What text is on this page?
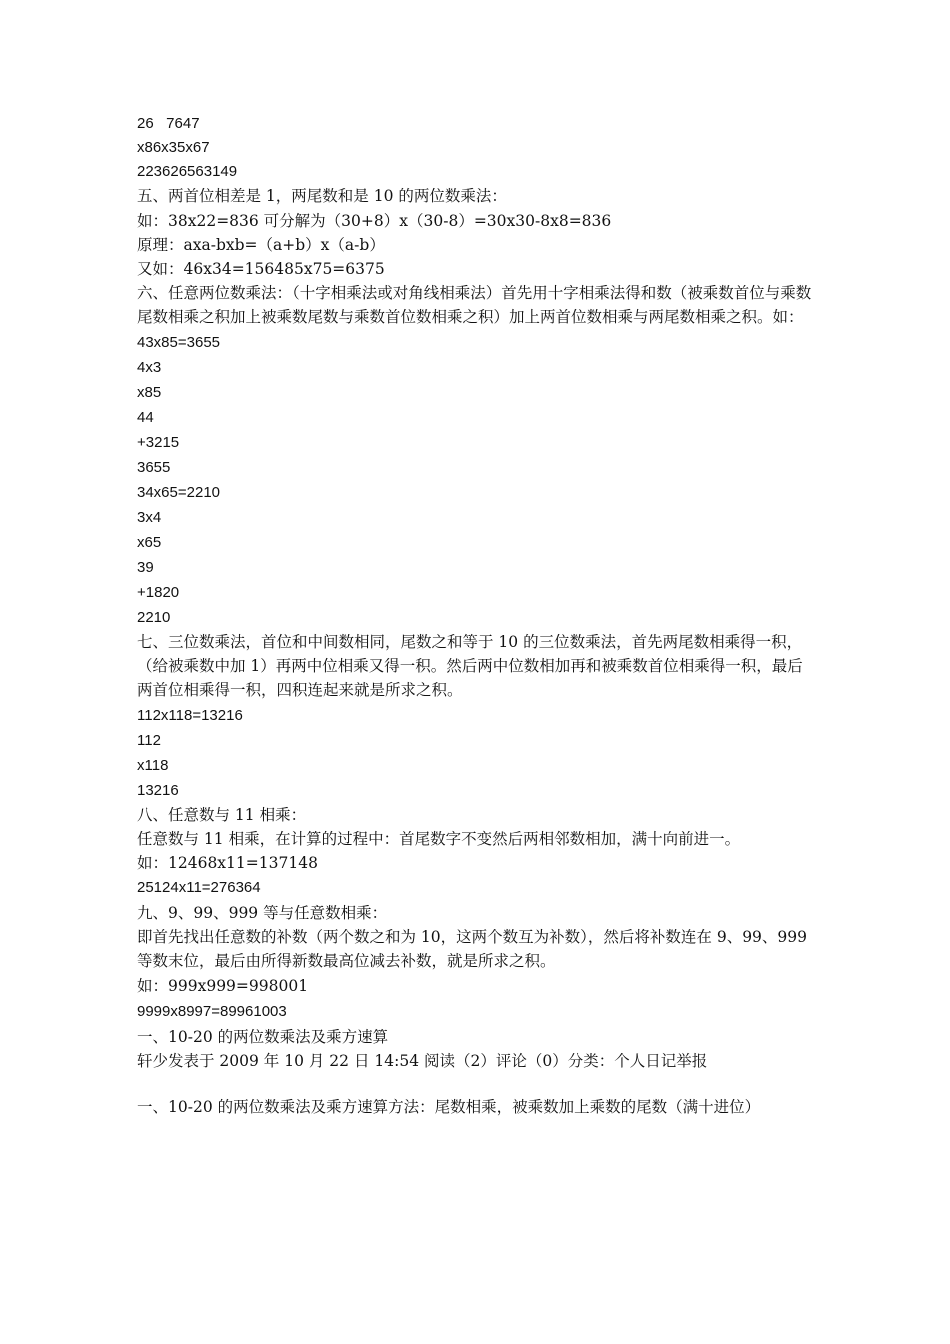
26   7647
x86x35x67
223626563149
五、两首位相差是 1，两尾数和是 10 的两位数乘法：
如：38x22=836 可分解为（30+8）x（30-8）=30x30-8x8=836
原理：axa-bxb=（a+b）x（a-b）
又如：46x34=156485x75=6375
六、任意两位数乘法：（十字相乘法或对角线相乘法）首先用十字相乘法得和数（被乘数首位与乘数尾数相乘之积加上被乘数尾数与乘数首位数相乘之积）加上两首位数相乘与两尾数相乘之积。如：
43x85=3655
4x3
x85
44
+3215
3655
34x65=2210
3x4
x65
39
+1820
2210
七、三位数乘法，首位和中间数相同，尾数之和等于 10 的三位数乘法，首先两尾数相乘得一积，（给被乘数中加 1）再两中位相乘又得一积。然后两中位数相加再和被乘数首位相乘得一积，最后两首位相乘得一积，四积连起来就是所求之积。
112x118=13216
112
x118
13216
八、任意数与 11 相乘：
任意数与 11 相乘，在计算的过程中：首尾数字不变然后两相邻数相加，满十向前进一。
如：12468x11=137148
25124x11=276364
九、9、99、999 等与任意数相乘：
即首先找出任意数的补数（两个数之和为 10，这两个数互为补数），然后将补数连在 9、99、999 等数末位，最后由所得新数最高位减去补数，就是所求之积。
如：999x999=998001
9999x8997=89961003
一、10-20 的两位数乘法及乘方速算
轩少发表于 2009 年 10 月 22 日 14:54 阅读（2）评论（0）分类：个人日记举报
一、10-20 的两位数乘法及乘方速算方法：尾数相乘，被乘数加上乘数的尾数（满十进位）
